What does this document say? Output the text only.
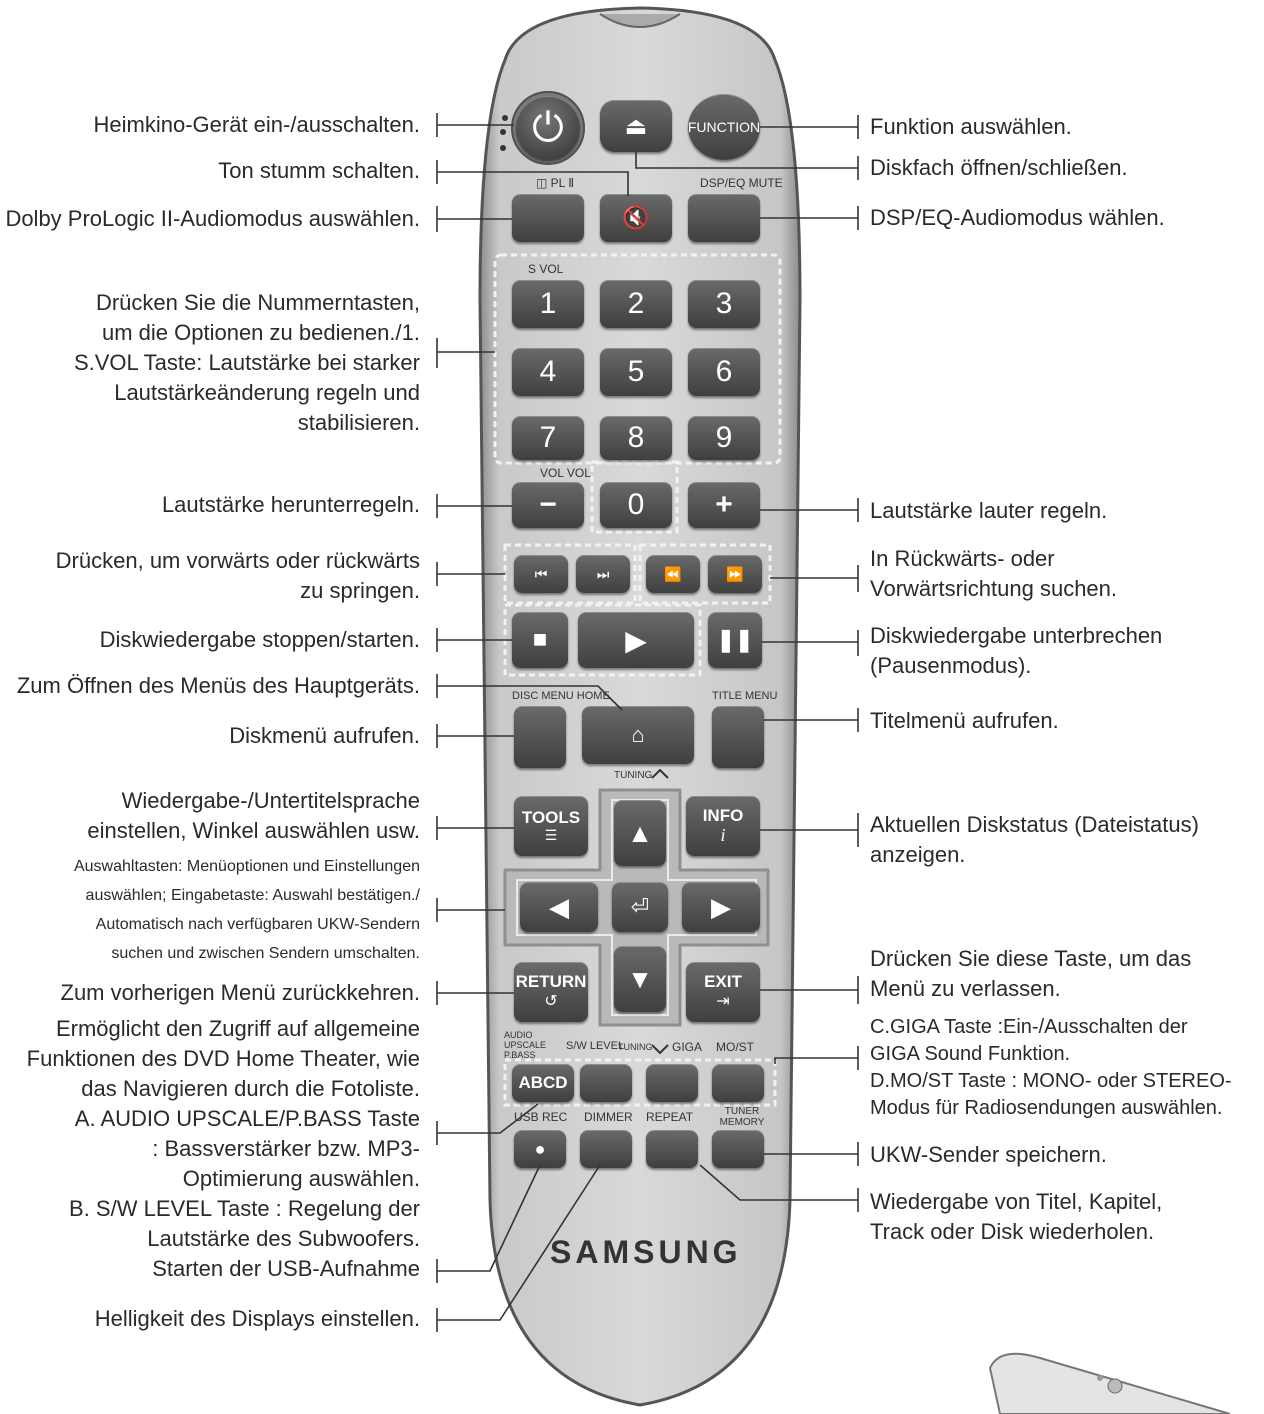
⏻	⏏	FUNCTION
◫ PL Ⅱ	DSP/EQ MUTE
🔇
S VOL
1 2 3
4 5 6
7 8 9
VOL VOL
− 0 +
⏮	⏭	⏪	⏩
■	▶	❚❚
DISC MENU HOME	TITLE MENU
⌂
TUNING
TOOLS
☰
INFO
i
▲
◀	⏎ ▶
▼
RETURN
↺
EXIT
⇥
AUDIO UPSCALE P.BASS
S/W LEVEL
TUNING GIGA MO/ST
ABCD
USB REC DIMMER REPEAT	TUNER MEMORY
●
SAMSUNG
Heimkino-Gerät ein-/ausschalten.
Ton stumm schalten.
Dolby ProLogic II-Audiomodus auswählen.
Drücken Sie die Nummerntasten,
um die Optionen zu bedienen./1.
S.VOL Taste: Lautstärke bei starker
Lautstärkeänderung regeln und
stabilisieren.
Lautstärke herunterregeln.
Drücken, um vorwärts oder rückwärts
zu springen.
Diskwiedergabe stoppen/starten.
Zum Öffnen des Menüs des Hauptgeräts.
Diskmenü aufrufen.
Wiedergabe-/Untertitelsprache
einstellen, Winkel auswählen usw.
Auswahltasten: Menüoptionen und Einstellungen
auswählen; Eingabetaste: Auswahl bestätigen./
Automatisch nach verfügbaren UKW-Sendern
suchen und zwischen Sendern umschalten.
Zum vorherigen Menü zurückkehren.
Ermöglicht den Zugriff auf allgemeine
Funktionen des DVD Home Theater, wie
das Navigieren durch die Fotoliste.
A. AUDIO UPSCALE/P.BASS Taste
: Bassverstärker bzw. MP3-
Optimierung auswählen.
B. S/W LEVEL Taste : Regelung der
Lautstärke des Subwoofers.
Starten der USB-Aufnahme
Helligkeit des Displays einstellen.
Funktion auswählen.
Diskfach öffnen/schließen.
DSP/EQ-Audiomodus wählen.
Lautstärke lauter regeln.
In Rückwärts- oder
Vorwärtsrichtung suchen.
Diskwiedergabe unterbrechen
(Pausenmodus).
Titelmenü aufrufen.
Aktuellen Diskstatus (Dateistatus)
anzeigen.
Drücken Sie diese Taste, um das
Menü zu verlassen.
C.GIGA Taste :Ein-/Ausschalten der
GIGA Sound Funktion.
D.MO/ST Taste : MONO- oder STEREO-
Modus für Radiosendungen auswählen.
UKW-Sender speichern.
Wiedergabe von Titel, Kapitel,
Track oder Disk wiederholen.
